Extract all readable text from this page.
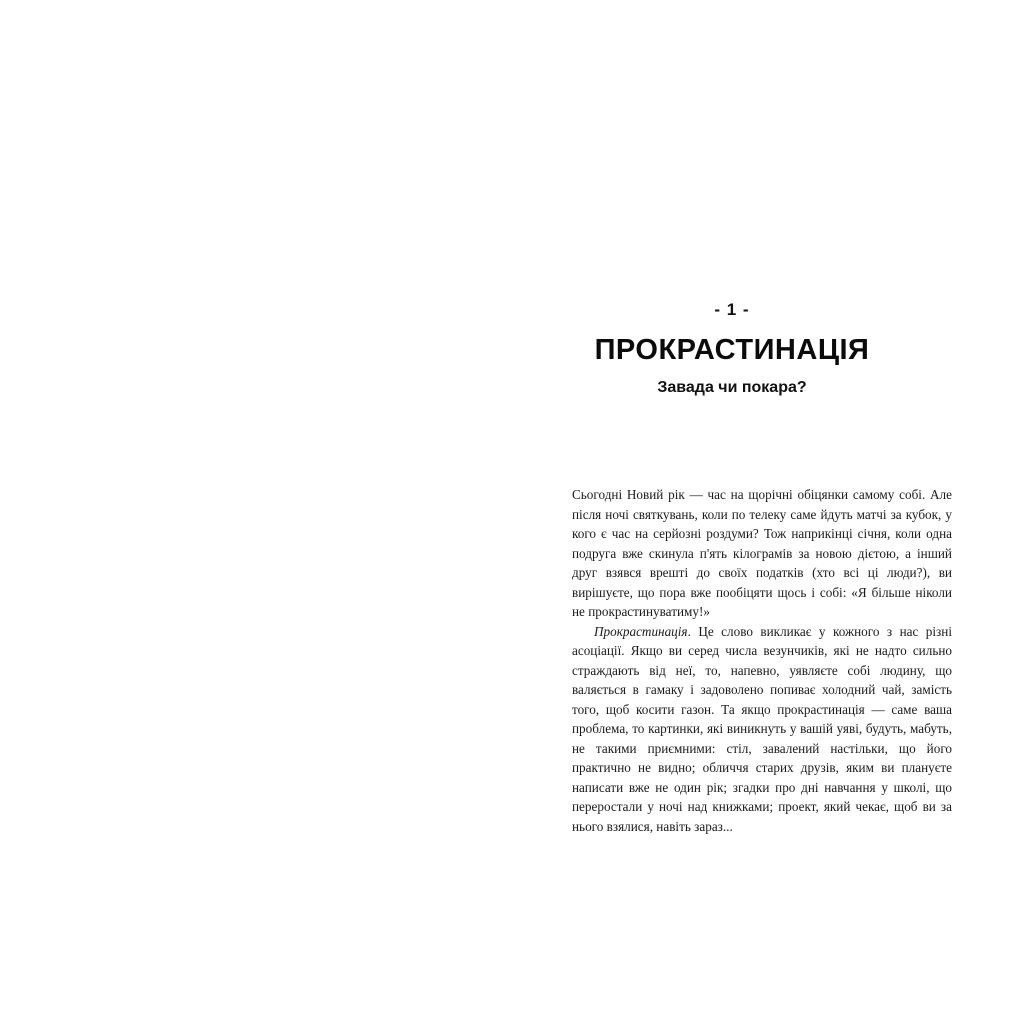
- 1 -
ПРОКРАСТИНАЦІЯ
Завада чи покара?

Сьогодні Новий рік — час на щорічні обіцянки самому собі. Але після ночі святкувань, коли по телеку саме йдуть матчі за кубок, у кого є час на серйозні роздуми? Тож наприкінці січня, коли одна подруга вже скинула п'ять кілограмів за новою дієтою, а інший друг взявся врешті до своїх податків (хто всі ці люди?), ви вирішуєте, що пора вже пообіцяти щось і собі: «Я більше ніколи не прокрастинуватиму!»

Прокрастинація. Це слово викликає у кожного з нас різні асоціації. Якщо ви серед числа везунчиків, які не надто сильно страждають від неї, то, напевно, уявляєте собі людину, що валяється в гамаку і задоволено попиває холодний чай, замість того, щоб косити газон. Та якщо прокрастинація — саме ваша проблема, то картинки, які виникнуть у вашій уяві, будуть, мабуть, не такими приємними: стіл, завалений настільки, що його практично не видно; обличчя старих друзів, яким ви плануєте написати вже не один рік; згадки про дні навчання у школі, що переростали у ночі над книжками; проект, який чекає, щоб ви за нього взялися, навіть зараз...
